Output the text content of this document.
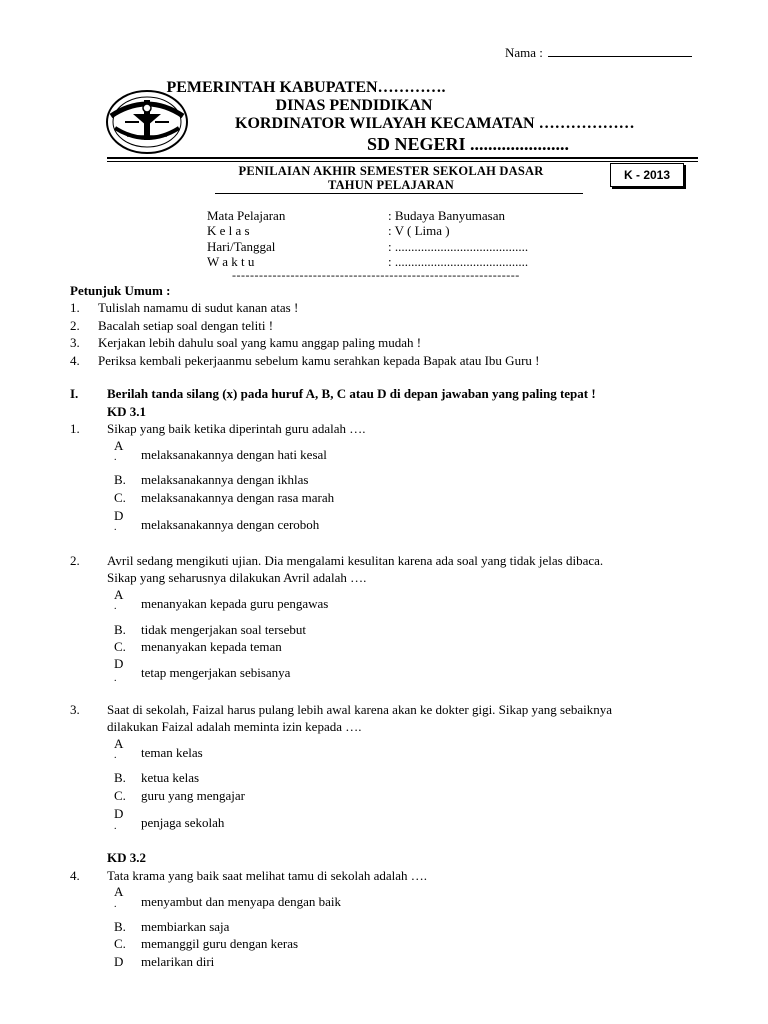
Nama :
PEMERINTAH KABUPATEN………….
DINAS PENDIDIKAN
KORDINATOR WILAYAH KECAMATAN ………………
SD NEGERI ......................
PENILAIAN AKHIR SEMESTER SEKOLAH DASAR
TAHUN PELAJARAN
K - 2013
Mata Pelajaran	: Budaya Banyumasan
K e l a s	: V ( Lima )
Hari/Tanggal	: .........................................
W a k t u	: .........................................
----------------------------------------------------------------
Petunjuk Umum :
1. Tulislah namamu di sudut kanan atas !
2. Bacalah setiap soal dengan teliti !
3. Kerjakan lebih dahulu soal yang kamu anggap paling mudah !
4. Periksa kembali pekerjaanmu sebelum kamu serahkan kepada Bapak atau Ibu Guru !
I. Berilah tanda silang (x) pada huruf A, B, C atau D di depan jawaban yang paling tepat !
KD 3.1
1. Sikap yang baik ketika diperintah guru adalah ….
A
. melaksanakannya dengan hati kesal
B. melaksanakannya dengan ikhlas
C. melaksanakannya dengan rasa marah
D
. melaksanakannya dengan ceroboh
2. Avril sedang mengikuti ujian. Dia mengalami kesulitan karena ada soal yang tidak jelas dibaca.
Sikap yang seharusnya dilakukan Avril adalah ….
A
. menanyakan kepada guru pengawas
B. tidak mengerjakan soal tersebut
C. menanyakan kepada teman
D
. tetap mengerjakan sebisanya
3. Saat di sekolah, Faizal harus pulang lebih awal karena akan ke dokter gigi. Sikap yang sebaiknya
dilakukan Faizal adalah meminta izin kepada ….
A
. teman kelas
B. ketua kelas
C. guru yang mengajar
D
. penjaga sekolah
KD 3.2
4. Tata krama yang baik saat melihat tamu di sekolah adalah ….
A
. menyambut dan menyapa dengan baik
B. membiarkan saja
C. memanggil guru dengan keras
D melarikan diri
